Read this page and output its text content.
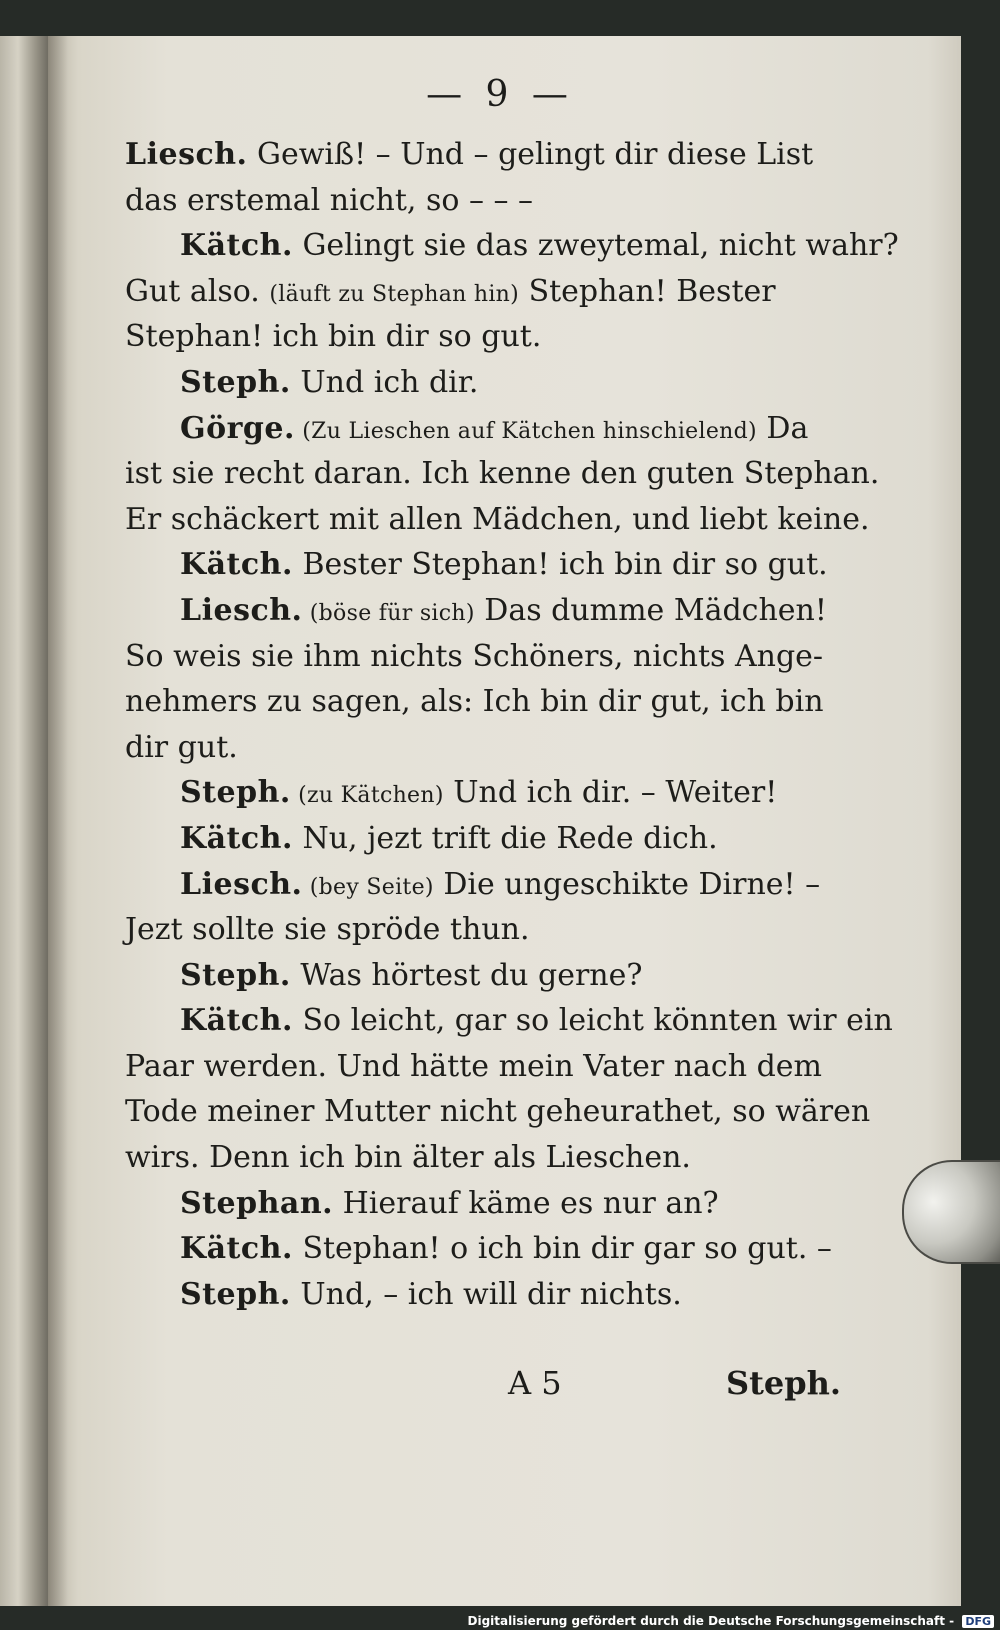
— 9 —
Liesch. Gewiß! – Und – gelingt dir diese List
das erstemal nicht, so – – –
Kätch. Gelingt sie das zweytemal, nicht wahr?
Gut also. (läuft zu Stephan hin) Stephan! Bester
Stephan! ich bin dir so gut.
Steph. Und ich dir.
Görge. (Zu Lieschen auf Kätchen hinschielend) Da
ist sie recht daran. Ich kenne den guten Stephan.
Er schäckert mit allen Mädchen, und liebt keine.
Kätch. Bester Stephan! ich bin dir so gut.
Liesch. (böse für sich) Das dumme Mädchen!
So weis sie ihm nichts Schöners, nichts Ange-
nehmers zu sagen, als: Ich bin dir gut, ich bin
dir gut.
Steph. (zu Kätchen) Und ich dir. – Weiter!
Kätch. Nu, jezt trift die Rede dich.
Liesch. (bey Seite) Die ungeschikte Dirne! –
Jezt sollte sie spröde thun.
Steph. Was hörtest du gerne?
Kätch. So leicht, gar so leicht könnten wir ein
Paar werden. Und hätte mein Vater nach dem
Tode meiner Mutter nicht geheurathet, so wären
wirs. Denn ich bin älter als Lieschen.
Stephan. Hierauf käme es nur an?
Kätch. Stephan! o ich bin dir gar so gut. –
Steph. Und, – ich will dir nichts.
A 5	Steph.
Digitalisierung gefördert durch die Deutsche Forschungsgemeinschaft - DFG
